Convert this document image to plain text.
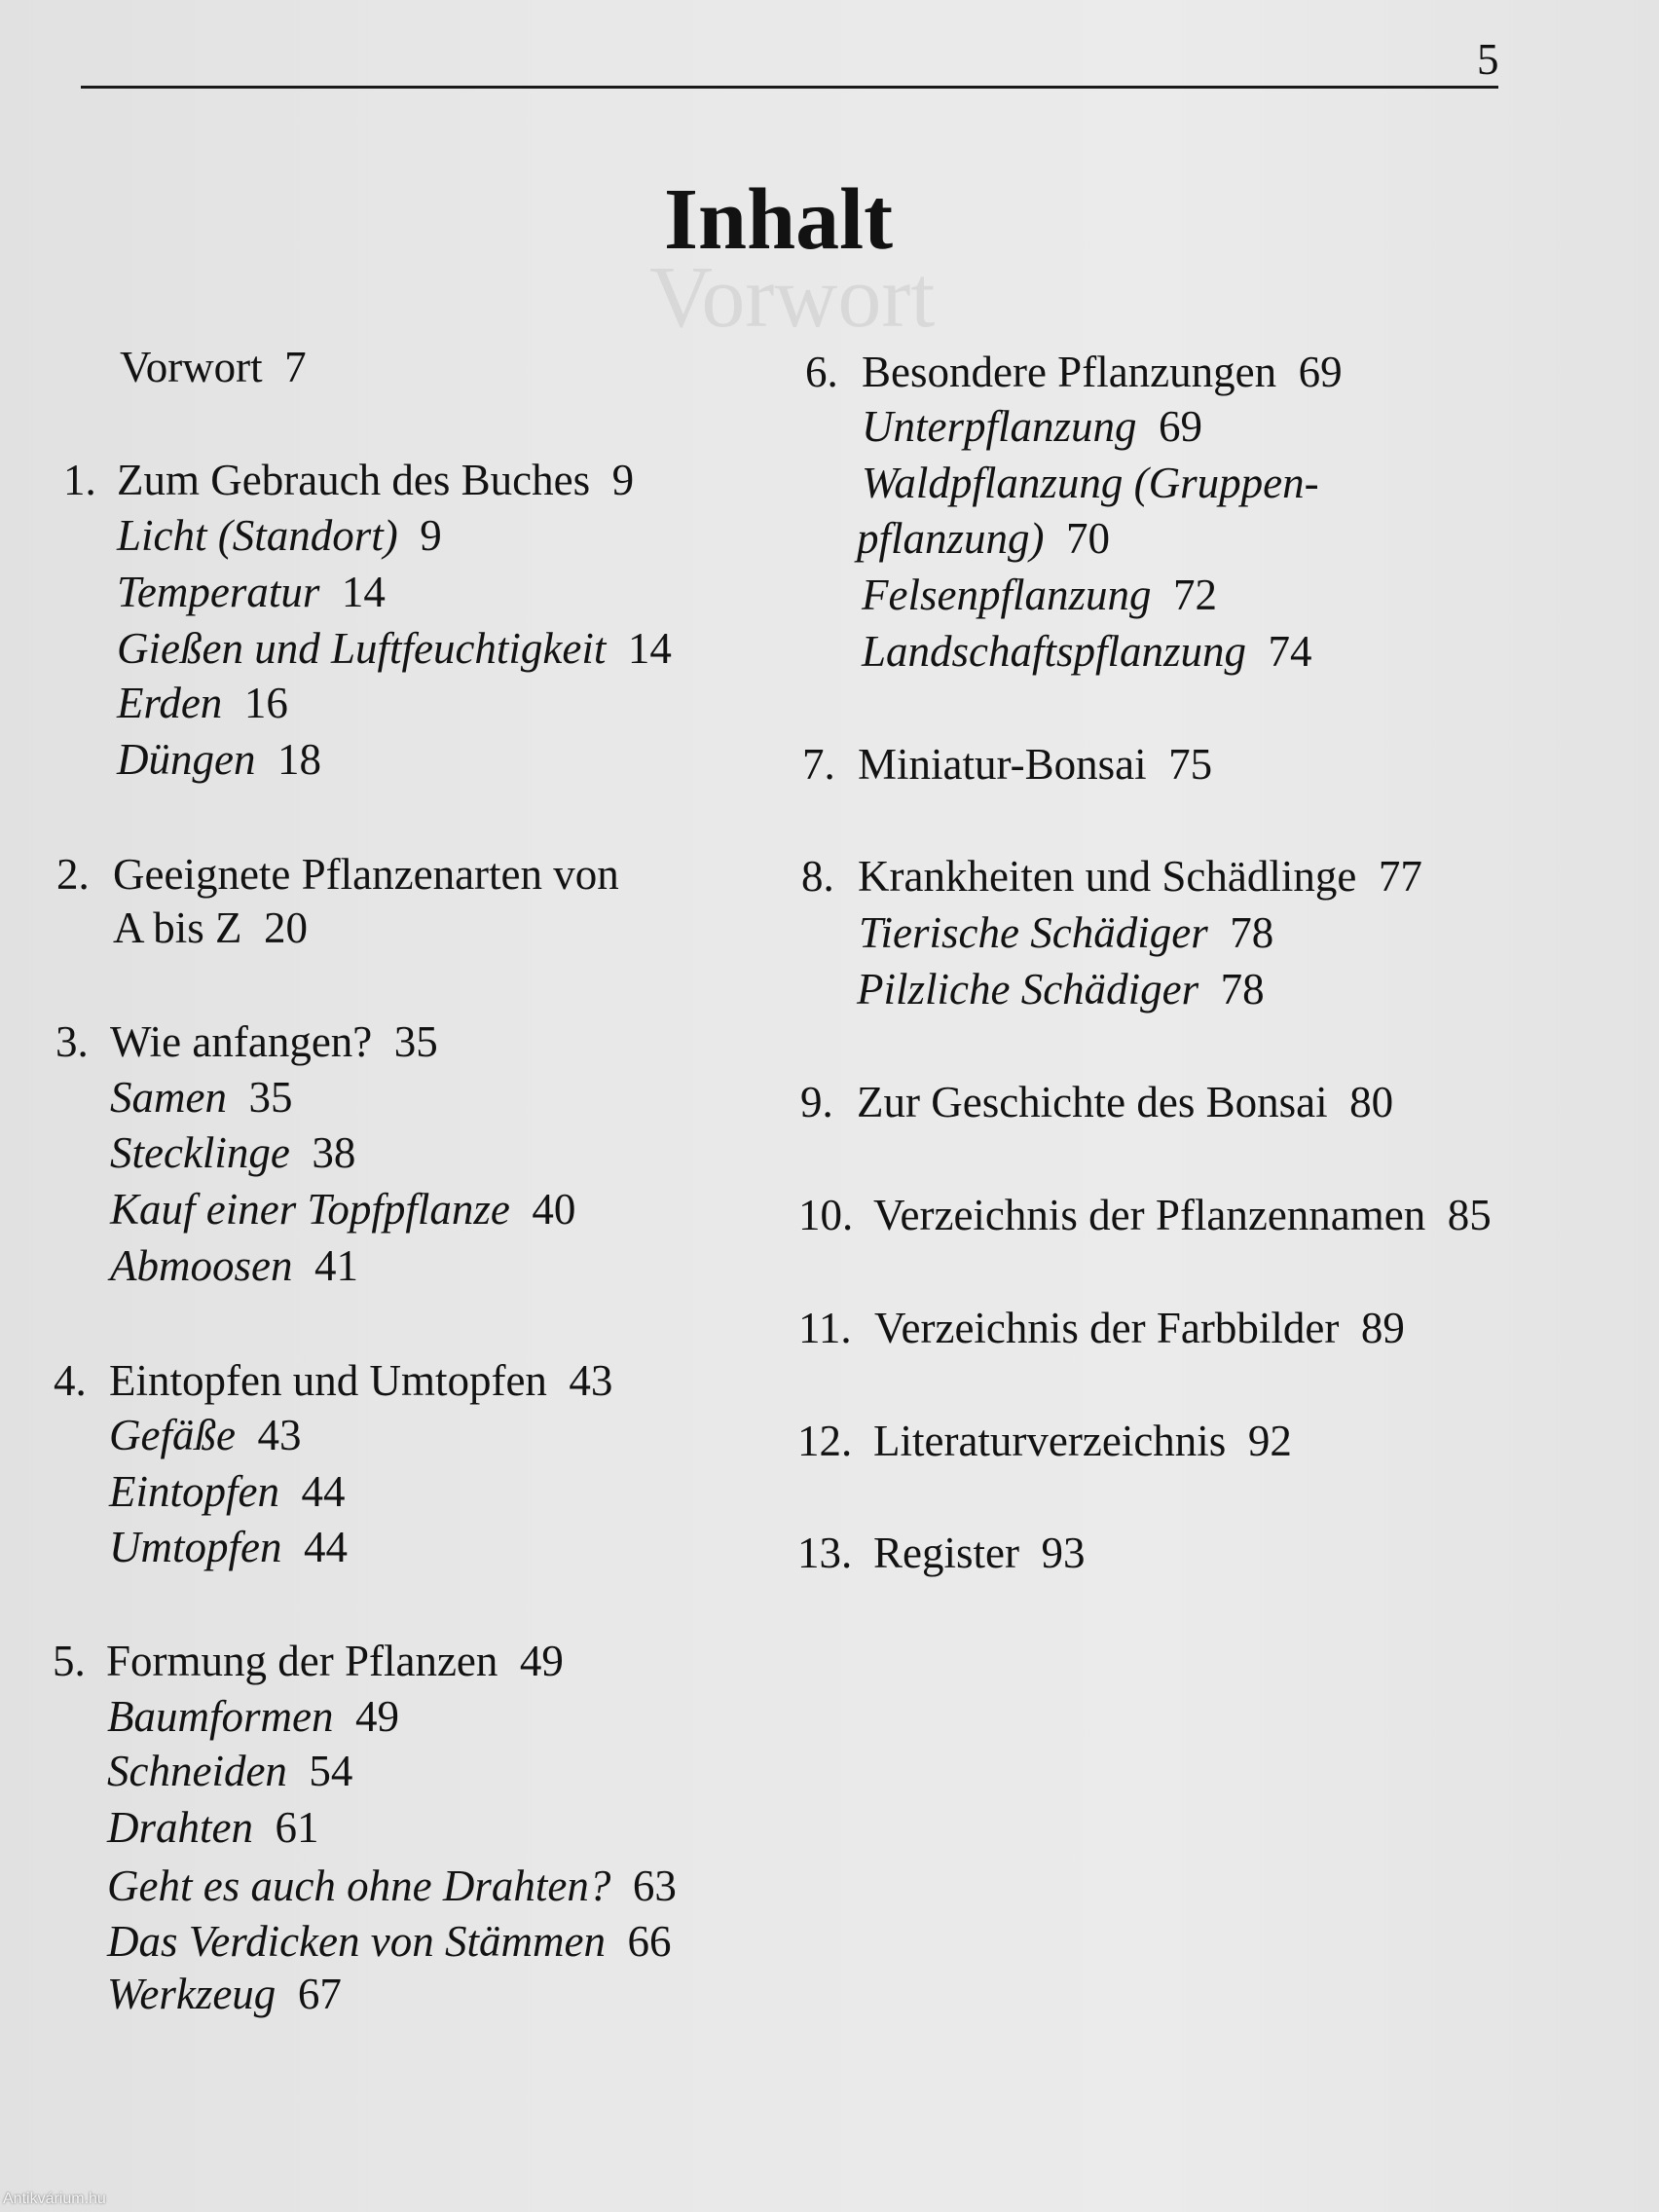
Vorwort
5
Inhalt
Vorwort 7
1. Zum Gebrauch des Buches 9
Licht (Standort) 9
Temperatur 14
Gießen und Luftfeuchtigkeit 14
Erden 16
Düngen 18
2. Geeignete Pflanzenarten von
A bis Z 20
3. Wie anfangen? 35
Samen 35
Stecklinge 38
Kauf einer Topfpflanze 40
Abmoosen 41
4. Eintopfen und Umtopfen 43
Gefäße 43
Eintopfen 44
Umtopfen 44
5. Formung der Pflanzen 49
Baumformen 49
Schneiden 54
Drahten 61
Geht es auch ohne Drahten? 63
Das Verdicken von Stämmen 66
Werkzeug 67
6. Besondere Pflanzungen 69
Unterpflanzung 69
Waldpflanzung (Gruppen-
pflanzung) 70
Felsenpflanzung 72
Landschaftspflanzung 74
7. Miniatur-Bonsai 75
8. Krankheiten und Schädlinge 77
Tierische Schädiger 78
Pilzliche Schädiger 78
9. Zur Geschichte des Bonsai 80
10. Verzeichnis der Pflanzennamen 85
11. Verzeichnis der Farbbilder 89
12. Literaturverzeichnis 92
13. Register 93
Antikvárium.hu
